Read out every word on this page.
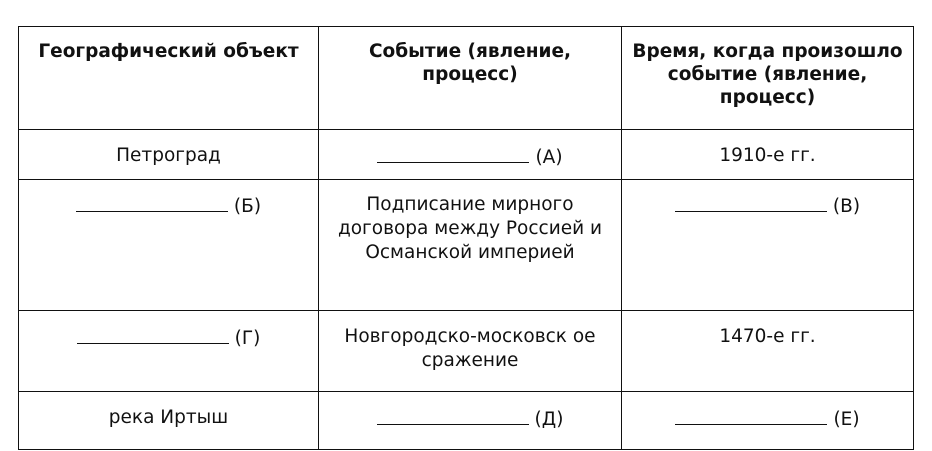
Географический объект	Событие (явление, процесс)	Время, когда произошло событие (явление, процесс)
Петроград	(А)	1910-е гг.
(Б)	Подписание мирного договора между Россией и Османской империей	(В)
(Г)	Новгородско-московск ое сражение	1470-е гг.
река Иртыш	(Д)	(Е)
